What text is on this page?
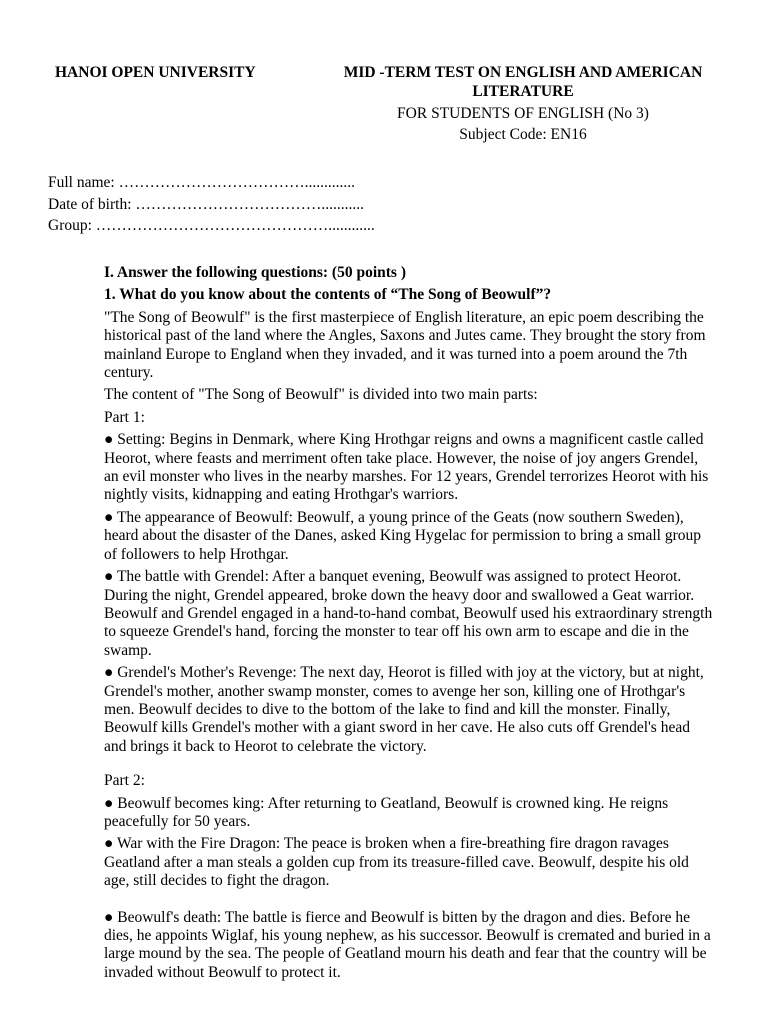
HANOI OPEN UNIVERSITY	MID -TERM TEST ON ENGLISH AND AMERICAN
LITERATURE
FOR STUDENTS OF ENGLISH (No 3)
Subject Code: EN16
Full name: ……………………………….............
Date of birth: ………………………………...........
Group: ………………………………………............

I. Answer the following questions: (50 points )

1. What do you know about the contents of “The Song of Beowulf”?

"The Song of Beowulf" is the first masterpiece of English literature, an epic poem describing the historical past of the land where the Angles, Saxons and Jutes came. They brought the story from mainland Europe to England when they invaded, and it was turned into a poem around the 7th century.

The content of "The Song of Beowulf" is divided into two main parts:

Part 1:

● Setting: Begins in Denmark, where King Hrothgar reigns and owns a magnificent castle called Heorot, where feasts and merriment often take place. However, the noise of joy angers Grendel, an evil monster who lives in the nearby marshes. For 12 years, Grendel terrorizes Heorot with his nightly visits, kidnapping and eating Hrothgar's warriors.

● The appearance of Beowulf: Beowulf, a young prince of the Geats (now southern Sweden), heard about the disaster of the Danes, asked King Hygelac for permission to bring a small group of followers to help Hrothgar.

● The battle with Grendel: After a banquet evening, Beowulf was assigned to protect Heorot. During the night, Grendel appeared, broke down the heavy door and swallowed a Geat warrior. Beowulf and Grendel engaged in a hand-to-hand combat, Beowulf used his extraordinary strength to squeeze Grendel's hand, forcing the monster to tear off his own arm to escape and die in the swamp.

● Grendel's Mother's Revenge: The next day, Heorot is filled with joy at the victory, but at night, Grendel's mother, another swamp monster, comes to avenge her son, killing one of Hrothgar's men. Beowulf decides to dive to the bottom of the lake to find and kill the monster. Finally, Beowulf kills Grendel's mother with a giant sword in her cave. He also cuts off Grendel's head and brings it back to Heorot to celebrate the victory.

Part 2:

● Beowulf becomes king: After returning to Geatland, Beowulf is crowned king. He reigns peacefully for 50 years.

● War with the Fire Dragon: The peace is broken when a fire-breathing fire dragon ravages Geatland after a man steals a golden cup from its treasure-filled cave. Beowulf, despite his old age, still decides to fight the dragon.

● Beowulf's death: The battle is fierce and Beowulf is bitten by the dragon and dies. Before he dies, he appoints Wiglaf, his young nephew, as his successor. Beowulf is cremated and buried in a large mound by the sea. The people of Geatland mourn his death and fear that the country will be invaded without Beowulf to protect it.
